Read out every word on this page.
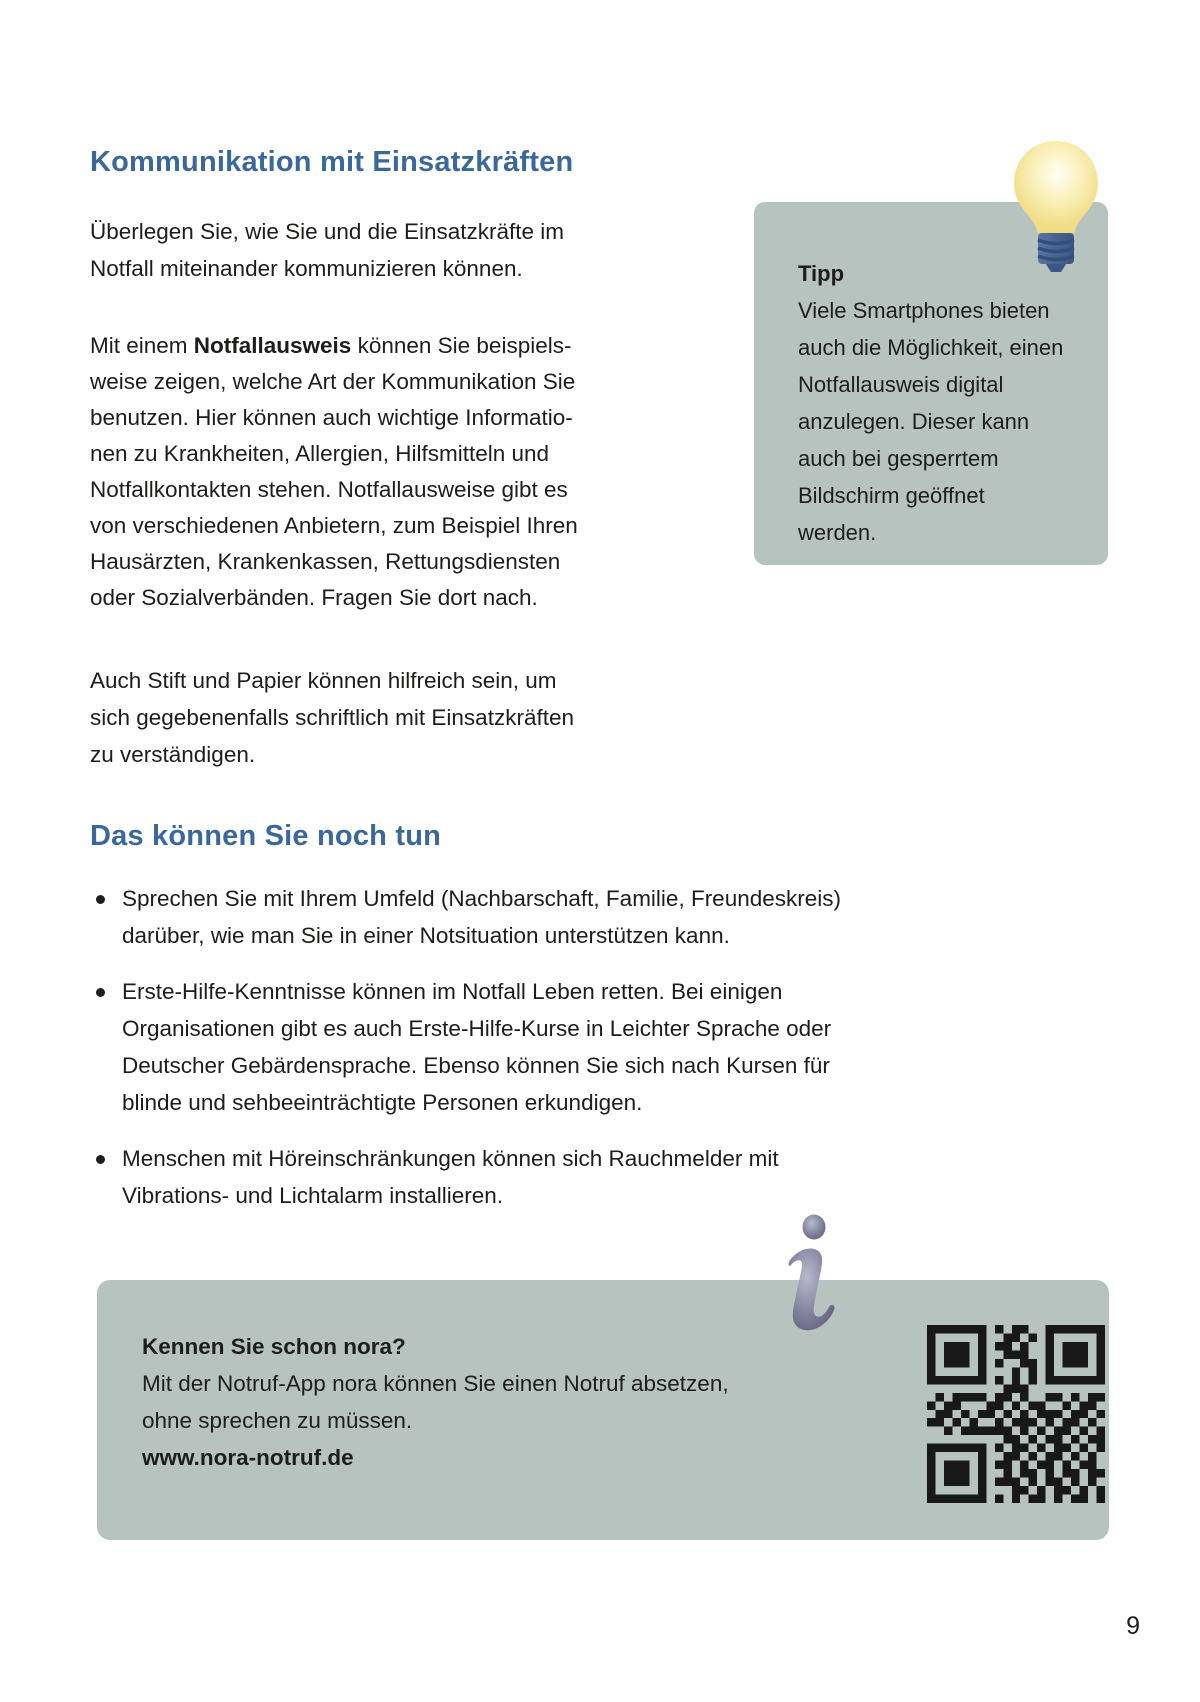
Kommunikation mit Einsatzkräften
Überlegen Sie, wie Sie und die Einsatzkräfte im
Notfall miteinander kommunizieren können.
Mit einem Notfallausweis können Sie beispiels-
weise zeigen, welche Art der Kommunikation Sie
benutzen. Hier können auch wichtige Informatio-
nen zu Krankheiten, Allergien, Hilfsmitteln und
Notfallkontakten stehen. Notfallausweise gibt es
von verschiedenen Anbietern, zum Beispiel Ihren
Hausärzten, Krankenkassen, Rettungsdiensten
oder Sozialverbänden. Fragen Sie dort nach.
Tipp
Viele Smartphones bieten
auch die Möglichkeit, einen
Notfallausweis digital
anzulegen. Dieser kann
auch bei gesperrtem
Bildschirm geöffnet
werden.
Auch Stift und Papier können hilfreich sein, um
sich gegebenenfalls schriftlich mit Einsatzkräften
zu verständigen.
Das können Sie noch tun
Sprechen Sie mit Ihrem Umfeld (Nachbarschaft, Familie, Freundeskreis)
darüber, wie man Sie in einer Notsituation unterstützen kann.
Erste-Hilfe-Kenntnisse können im Notfall Leben retten. Bei einigen
Organisationen gibt es auch Erste-Hilfe-Kurse in Leichter Sprache oder
Deutscher Gebärdensprache. Ebenso können Sie sich nach Kursen für
blinde und sehbeeinträchtigte Personen erkundigen.
Menschen mit Höreinschränkungen können sich Rauchmelder mit
Vibrations- und Lichtalarm installieren.
Kennen Sie schon nora?
Mit der Notruf-App nora können Sie einen Notruf absetzen,
ohne sprechen zu müssen.
www.nora-notruf.de
9
